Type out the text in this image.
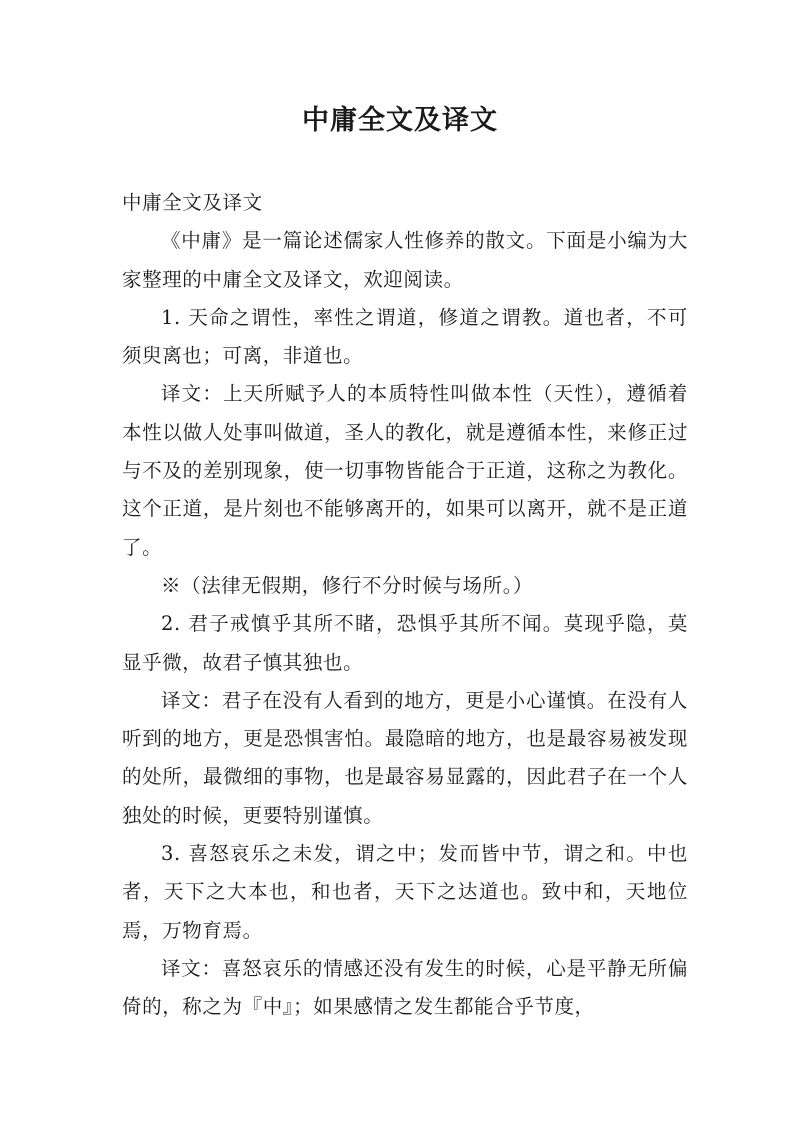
中庸全文及译文

中庸全文及译文

《中庸》是一篇论述儒家人性修养的散文。下面是小编为大家整理的中庸全文及译文，欢迎阅读。

1. 天命之谓性，率性之谓道，修道之谓教。道也者，不可须臾离也；可离，非道也。

译文：上天所赋予人的本质特性叫做本性（天性），遵循着本性以做人处事叫做道，圣人的教化，就是遵循本性，来修正过与不及的差别现象，使一切事物皆能合于正道，这称之为教化。这个正道，是片刻也不能够离开的，如果可以离开，就不是正道了。

※（法律无假期，修行不分时候与场所。）

2. 君子戒慎乎其所不睹，恐惧乎其所不闻。莫现乎隐，莫显乎微，故君子慎其独也。

译文：君子在没有人看到的地方，更是小心谨慎。在没有人听到的地方，更是恐惧害怕。最隐暗的地方，也是最容易被发现的处所，最微细的事物，也是最容易显露的，因此君子在一个人独处的时候，更要特别谨慎。

3. 喜怒哀乐之未发，谓之中；发而皆中节，谓之和。中也者，天下之大本也，和也者，天下之达道也。致中和，天地位焉，万物育焉。

译文：喜怒哀乐的情感还没有发生的时候，心是平静无所偏倚的，称之为『中』；如果感情之发生都能合乎节度，
